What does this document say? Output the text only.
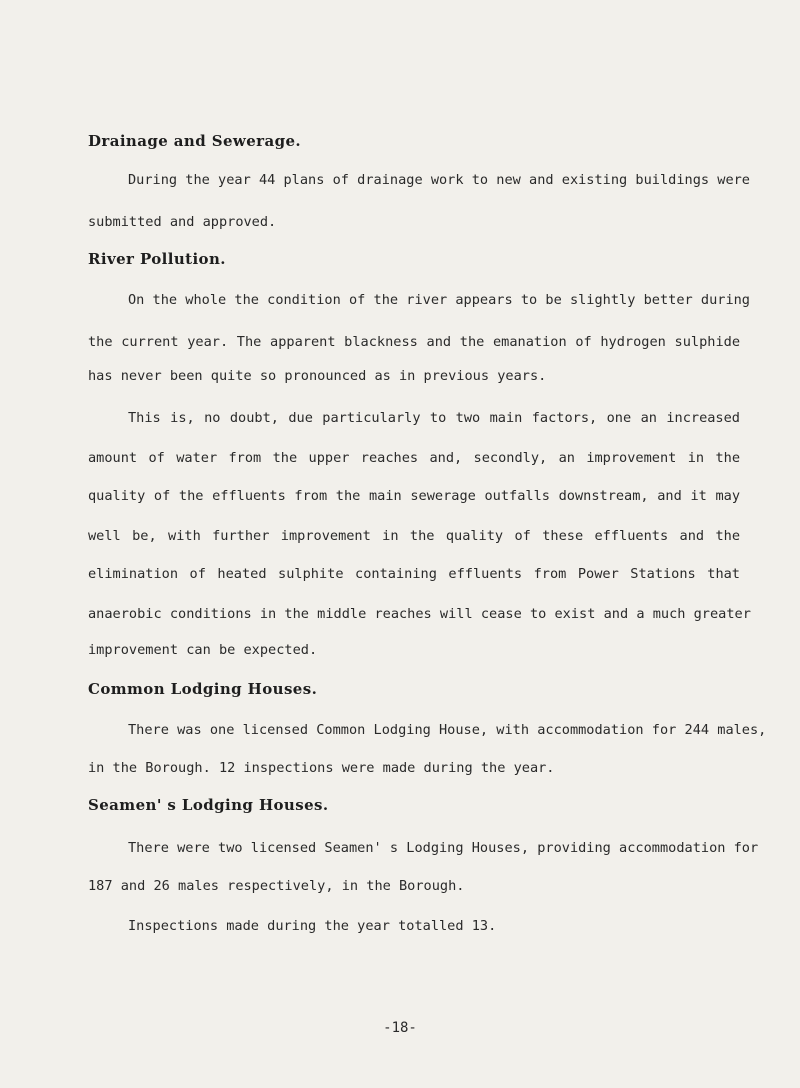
Drainage and Sewerage.
During the year 44 plans of drainage work to new and existing buildings were
submitted and approved.
River Pollution.
On the whole the condition of the river appears to be slightly better during
the current year. The apparent blackness and the emanation of hydrogen sulphide
has never been quite so pronounced as in previous years.
This is, no doubt, due particularly to two main factors, one an increased
amount of water from the upper reaches and, secondly, an improvement in the
quality of the effluents from the main sewerage outfalls downstream, and it may
well be, with further improvement in the quality of these effluents and the
elimination of heated sulphite containing effluents from Power Stations that
anaerobic conditions in the middle reaches will cease to exist and a much greater
improvement can be expected.
Common Lodging Houses.
There was one licensed Common Lodging House, with accommodation for 244 males,
in the Borough. 12 inspections were made during the year.
Seamen' s Lodging Houses.
There were two licensed Seamen' s Lodging Houses, providing accommodation for
187 and 26 males respectively, in the Borough.
Inspections made during the year totalled 13.
-18-
